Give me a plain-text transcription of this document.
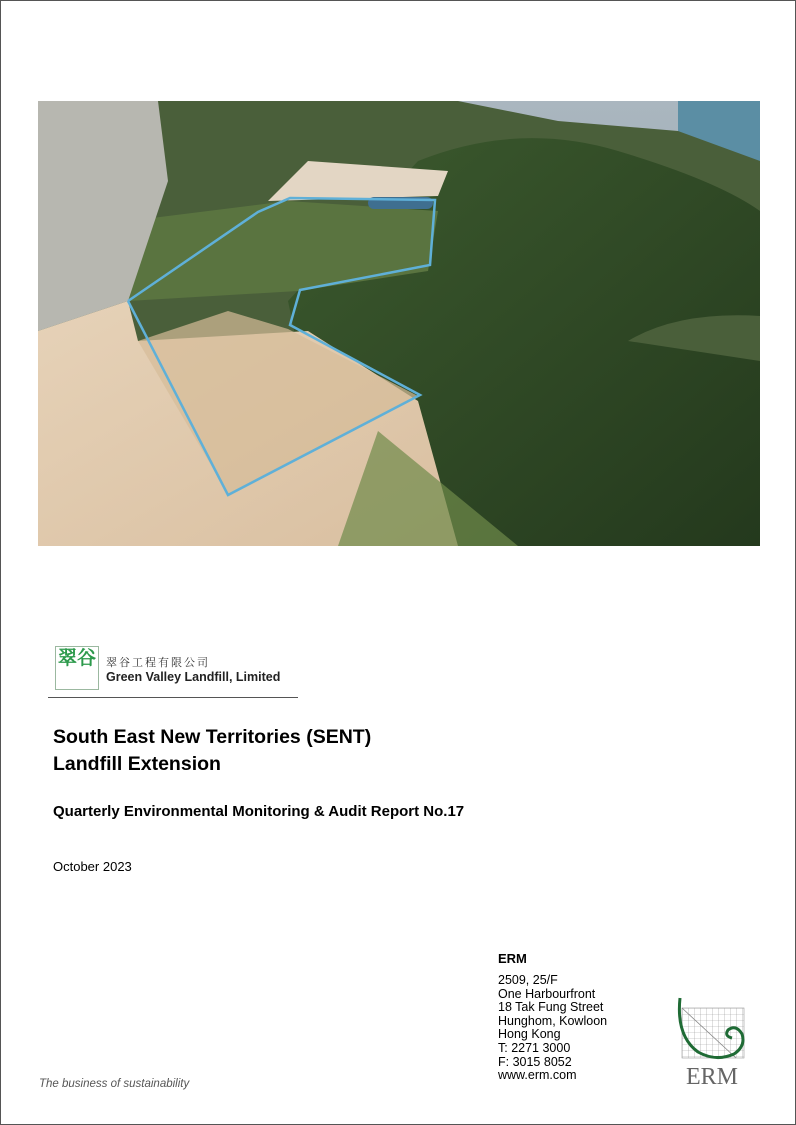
翠谷 翠谷工程有限公司
Green Valley Landfill, Limited
South East New Territories (SENT)
Landfill Extension
Quarterly Environmental Monitoring & Audit Report No.17
October 2023
ERM
2509, 25/F
One Harbourfront
18 Tak Fung Street
Hunghom, Kowloon
Hong Kong
T: 2271 3000
F: 3015 8052
www.erm.com	ERM
The business of sustainability
